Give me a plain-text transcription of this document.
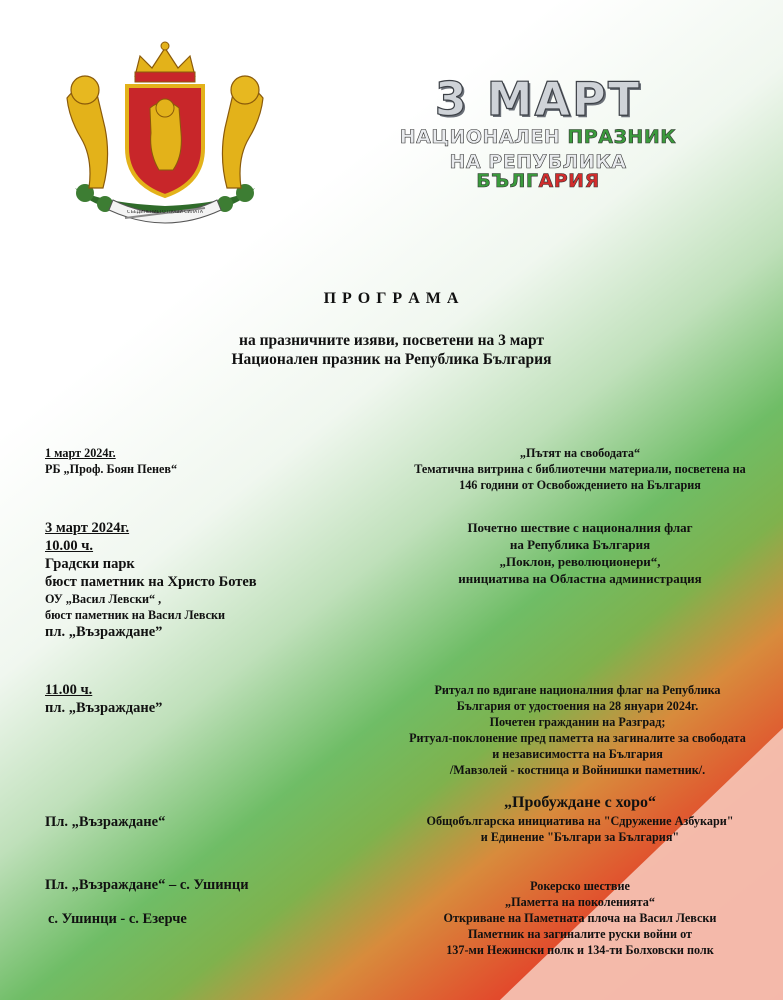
СЪЕДИНЕНИЕТО ПРАВИ СИЛАТА
3 МАРТ
НАЦИОНАЛЕН ПРАЗНИК
НА РЕПУБЛИКА БЪЛГАРИЯ
П Р О Г Р А М А
на празничните изяви, посветени на 3 март
Национален празник на Република България
1 март 2024г.
РБ „Проф. Боян Пенев“
„Пътят на свободата“
Тематична витрина с библиотечни материали, посветена на
146 години от Освобождението на България
3 март 2024г.
10.00 ч.
Градски парк
бюст паметник на Христо Ботев
ОУ „Васил Левски“ ,
бюст паметник на Васил Левски
пл. „Възраждане”
Почетно шествие с националния флаг
на Република България
„Поклон, революционери“,
инициатива на Областна администрация
11.00 ч.
пл. „Възраждане”
Ритуал по вдигане националния флаг на Република
България от удостоения на 28 януари 2024г.
Почетен гражданин на Разград;
Ритуал-поклонение пред паметта на загиналите за свободата
и независимостта на България
/Мавзолей - костница и Войнишки паметник/.
Пл. „Възраждане“
„Пробуждане с хоро“
Общобългарска инициатива на "Сдружение Азбукари"
и Единение "Българи за България"
Пл. „Възраждане“ – с. Ушинци
с. Ушинци - с. Езерче
Рокерско шествие
„Паметта на поколенията“
Откриване на Паметната плоча на Васил Левски
Паметник на загиналите руски войни от
137-ми Нежински полк и 134-ти Болховски полк
